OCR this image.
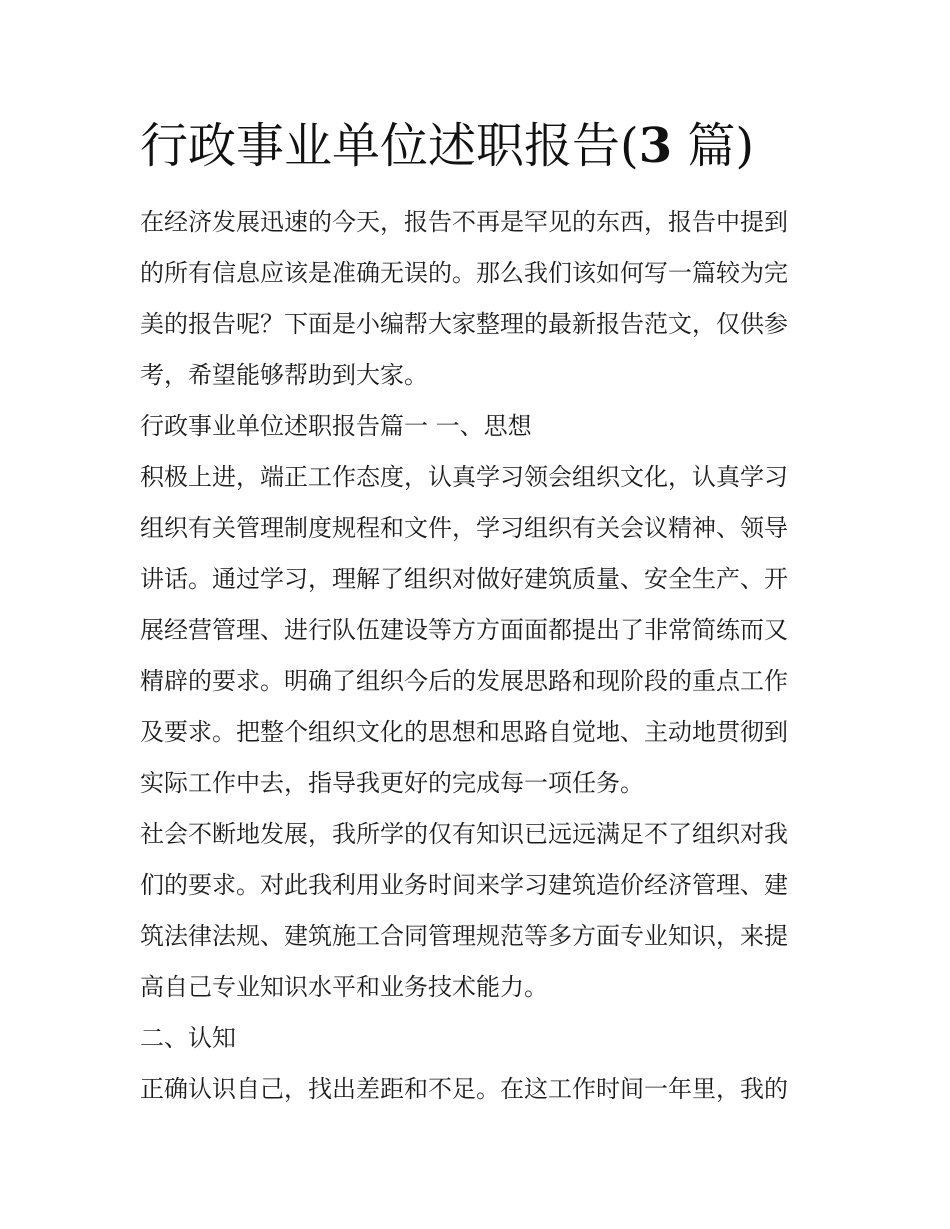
行政事业单位述职报告(3 篇)
在经济发展迅速的今天，报告不再是罕见的东西，报告中提到
的所有信息应该是准确无误的。那么我们该如何写一篇较为完
美的报告呢？下面是小编帮大家整理的最新报告范文，仅供参
考，希望能够帮助到大家。
行政事业单位述职报告篇一 一、思想
积极上进，端正工作态度，认真学习领会组织文化，认真学习
组织有关管理制度规程和文件，学习组织有关会议精神、领导
讲话。通过学习，理解了组织对做好建筑质量、安全生产、开
展经营管理、进行队伍建设等方方面面都提出了非常简练而又
精辟的要求。明确了组织今后的发展思路和现阶段的重点工作
及要求。把整个组织文化的思想和思路自觉地、主动地贯彻到
实际工作中去，指导我更好的完成每一项任务。
社会不断地发展，我所学的仅有知识已远远满足不了组织对我
们的要求。对此我利用业务时间来学习建筑造价经济管理、建
筑法律法规、建筑施工合同管理规范等多方面专业知识，来提
高自己专业知识水平和业务技术能力。
二、认知
正确认识自己，找出差距和不足。在这工作时间一年里，我的
